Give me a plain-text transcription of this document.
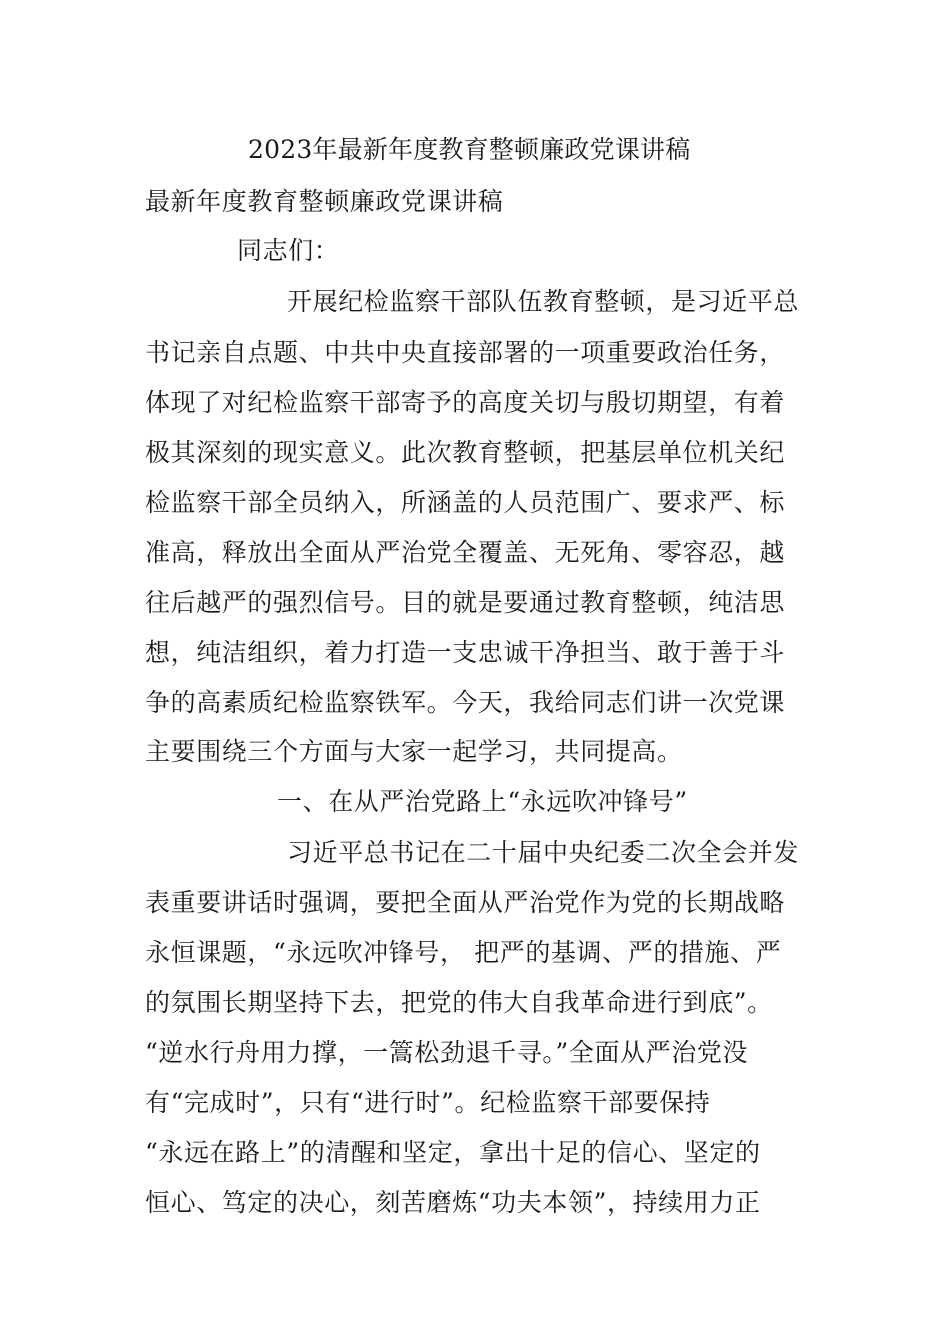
2023年最新年度教育整顿廉政党课讲稿
最新年度教育整顿廉政党课讲稿
同志们：
开展纪检监察干部队伍教育整顿，是习近平总
书记亲自点题、中共中央直接部署的一项重要政治任务，
体现了对纪检监察干部寄予的高度关切与殷切期望，有着
极其深刻的现实意义。此次教育整顿，把基层单位机关纪
检监察干部全员纳入，所涵盖的人员范围广、要求严、标
准高，释放出全面从严治党全覆盖、无死角、零容忍，越
往后越严的强烈信号。目的就是要通过教育整顿，纯洁思
想，纯洁组织，着力打造一支忠诚干净担当、敢于善于斗
争的高素质纪检监察铁军。今天，我给同志们讲一次党课
主要围绕三个方面与大家一起学习，共同提高。
一、在从严治党路上“永远吹冲锋号”
习近平总书记在二十届中央纪委二次全会并发
表重要讲话时强调，要把全面从严治党作为党的长期战略
永恒课题，“永远吹冲锋号， 把严的基调、严的措施、严
的氛围长期坚持下去，把党的伟大自我革命进行到底”。
“逆水行舟用力撑，一篙松劲退千寻。”全面从严治党没
有“完成时”，只有“进行时”。纪检监察干部要保持
“永远在路上”的清醒和坚定，拿出十足的信心、坚定的
恒心、笃定的决心，刻苦磨炼“功夫本领”，持续用力正
